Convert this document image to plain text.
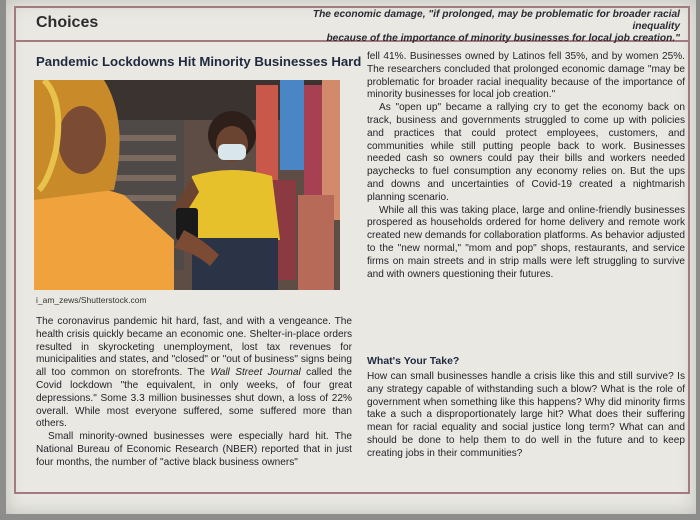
Choices	The economic damage, "if prolonged, may be problematic for broader racial inequality
because of the importance of minority businesses for local job creation."
Pandemic Lockdowns Hit Minority Businesses Hard
i_am_zews/Shutterstock.com

The coronavirus pandemic hit hard, fast, and with a vengeance. The health crisis quickly became an economic one. Shelter-in-place orders resulted in skyrocketing unemployment, lost tax revenues for municipalities and states, and "closed" or "out of business" signs being all too common on storefronts. The Wall Street Journal called the Covid lockdown "the equivalent, in only weeks, of four great depressions." Some 3.3 million businesses shut down, a loss of 22% overall. While most everyone suffered, some suffered more than others.

Small minority-owned businesses were especially hard hit. The National Bureau of Economic Research (NBER) reported that in just four months, the number of "active black business owners"

fell 41%. Businesses owned by Latinos fell 35%, and by women 25%. The researchers concluded that prolonged economic damage "may be problematic for broader racial inequality because of the importance of minority businesses for local job creation."

As "open up" became a rallying cry to get the economy back on track, business and governments struggled to come up with policies and practices that could protect employees, customers, and communities while still putting people back to work. Businesses needed cash so owners could pay their bills and workers needed paychecks to fuel consumption any economy relies on. But the ups and downs and uncertainties of Covid-19 created a nightmarish planning scenario.

While all this was taking place, large and online-friendly businesses prospered as households ordered for home delivery and remote work created new demands for collaboration platforms. As behavior adjusted to the "new normal," "mom and pop" shops, restaurants, and service firms on main streets and in strip malls were left struggling to survive and with owners questioning their futures.

What's Your Take?

How can small businesses handle a crisis like this and still survive? Is any strategy capable of withstanding such a blow? What is the role of government when something like this happens? Why did minority firms take a such a disproportionately large hit? What does their suffering mean for racial equality and social justice long term? What can and should be done to help them to do well in the future and to keep creating jobs in their communities?
